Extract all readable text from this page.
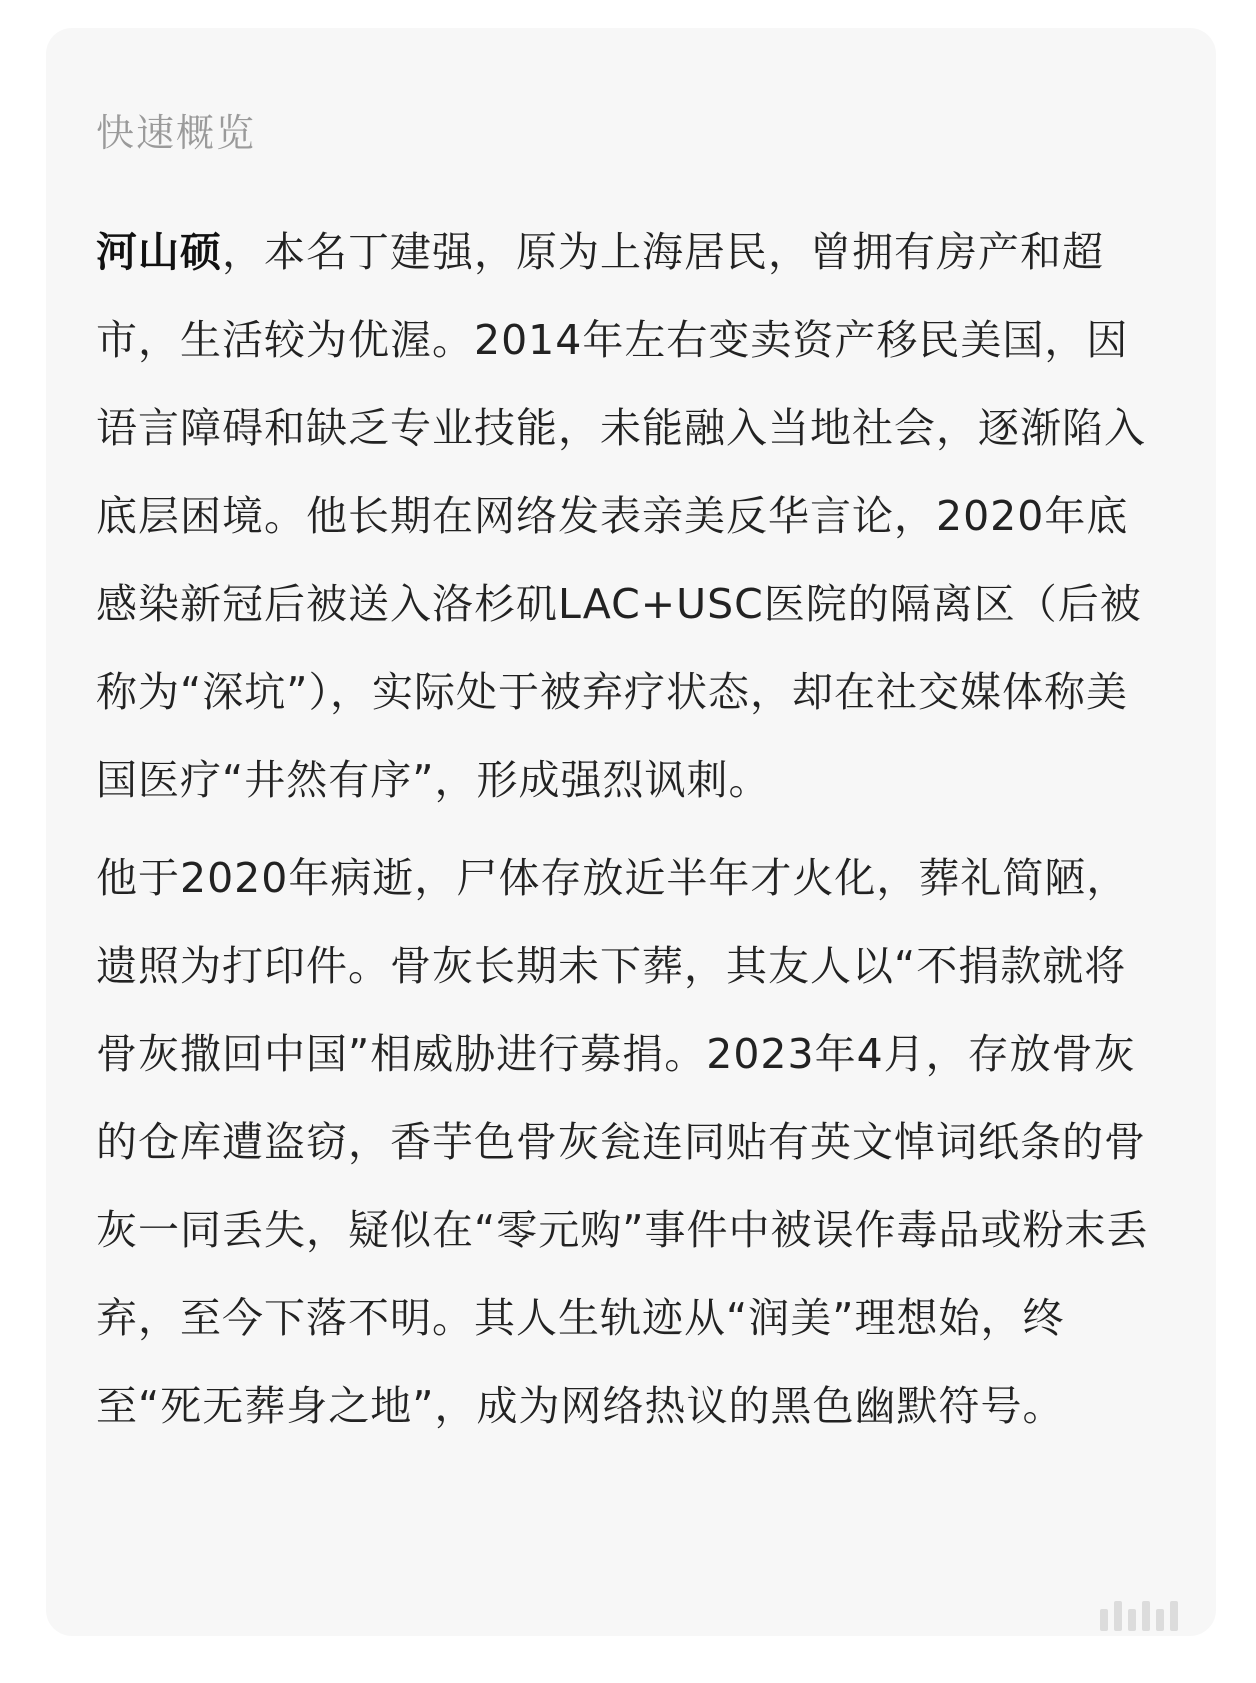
快速概览

河山硕，本名丁建强，原为上海居民，曾拥有房产和超市，生活较为优渥。2014年左右变卖资产移民美国，因语言障碍和缺乏专业技能，未能融入当地社会，逐渐陷入底层困境。他长期在网络发表亲美反华言论，2020年底感染新冠后被送入洛杉矶LAC+USC医院的隔离区（后被称为“深坑”），实际处于被弃疗状态，却在社交媒体称美国医疗“井然有序”，形成强烈讽刺。

他于2020年病逝，尸体存放近半年才火化，葬礼简陋，遗照为打印件。骨灰长期未下葬，其友人以“不捐款就将骨灰撒回中国”相威胁进行募捐。2023年4月，存放骨灰的仓库遭盗窃，香芋色骨灰瓮连同贴有英文悼词纸条的骨灰一同丢失，疑似在“零元购”事件中被误作毒品或粉末丢弃，至今下落不明。其人生轨迹从“润美”理想始，终至“死无葬身之地”，成为网络热议的黑色幽默符号。
